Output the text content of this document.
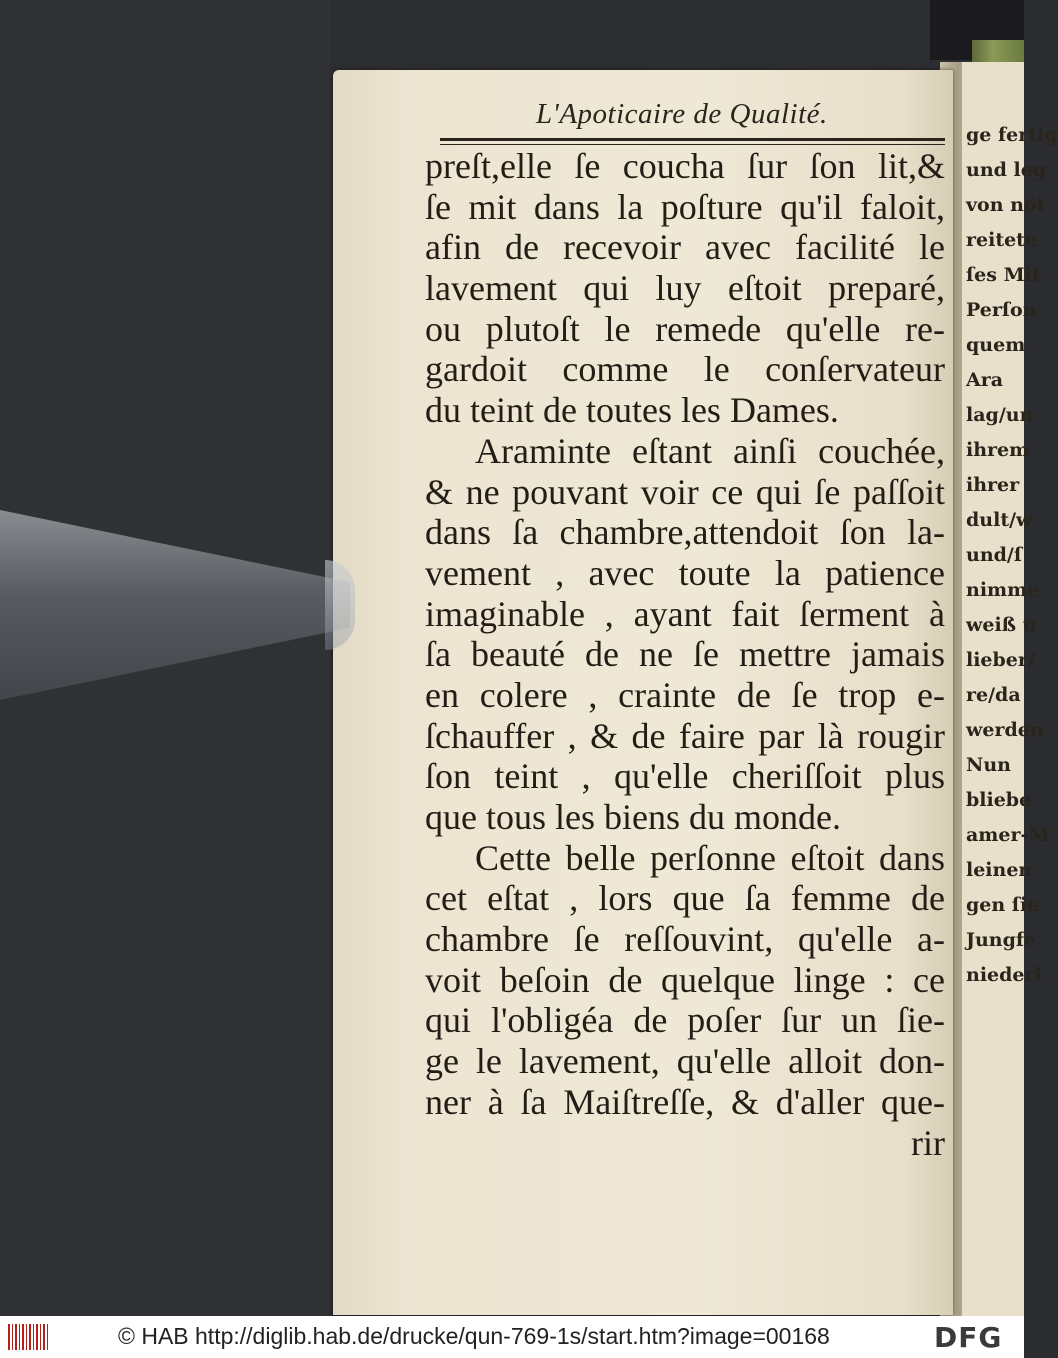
ge fertig
und leg
von nöt
reitete
ſes Mit
Perſon
quem
Ara
lag/un
ihrem
ihrer
dult/w
und/ſ
nimme
weiß u
lieber/
re/da
werden
Nun
bliebe
amer-M
leinen
gen ſie
Jungfe
niederl
L'Apoticaire de Qualité.
preſt,elle ſe coucha ſur ſon lit,&
ſe mit dans la poſture qu'il faloit,
afin de recevoir avec facilité le
lavement qui luy eſtoit preparé,
ou plutoſt le remede qu'elle re-
gardoit comme le conſervateur
du teint de toutes les Dames.
Araminte eſtant ainſi couchée,
& ne pouvant voir ce qui ſe paſſoit
dans ſa chambre,attendoit ſon la-
vement , avec toute la patience
imaginable , ayant fait ſerment à
ſa beauté de ne ſe mettre jamais
en colere , crainte de ſe trop e-
ſchauffer , & de faire par là rougir
ſon teint , qu'elle cheriſſoit plus
que tous les biens du monde.
Cette belle perſonne eſtoit dans
cet eſtat , lors que ſa femme de
chambre ſe reſſouvint, qu'elle a-
voit beſoin de quelque linge : ce
qui l'obligéa de poſer ſur un ſie-
ge le lavement, qu'elle alloit don-
ner à ſa Maiſtreſſe, & d'aller que-
rir
© HAB http://diglib.hab.de/drucke/qun-769-1s/start.htm?image=00168	DFG
